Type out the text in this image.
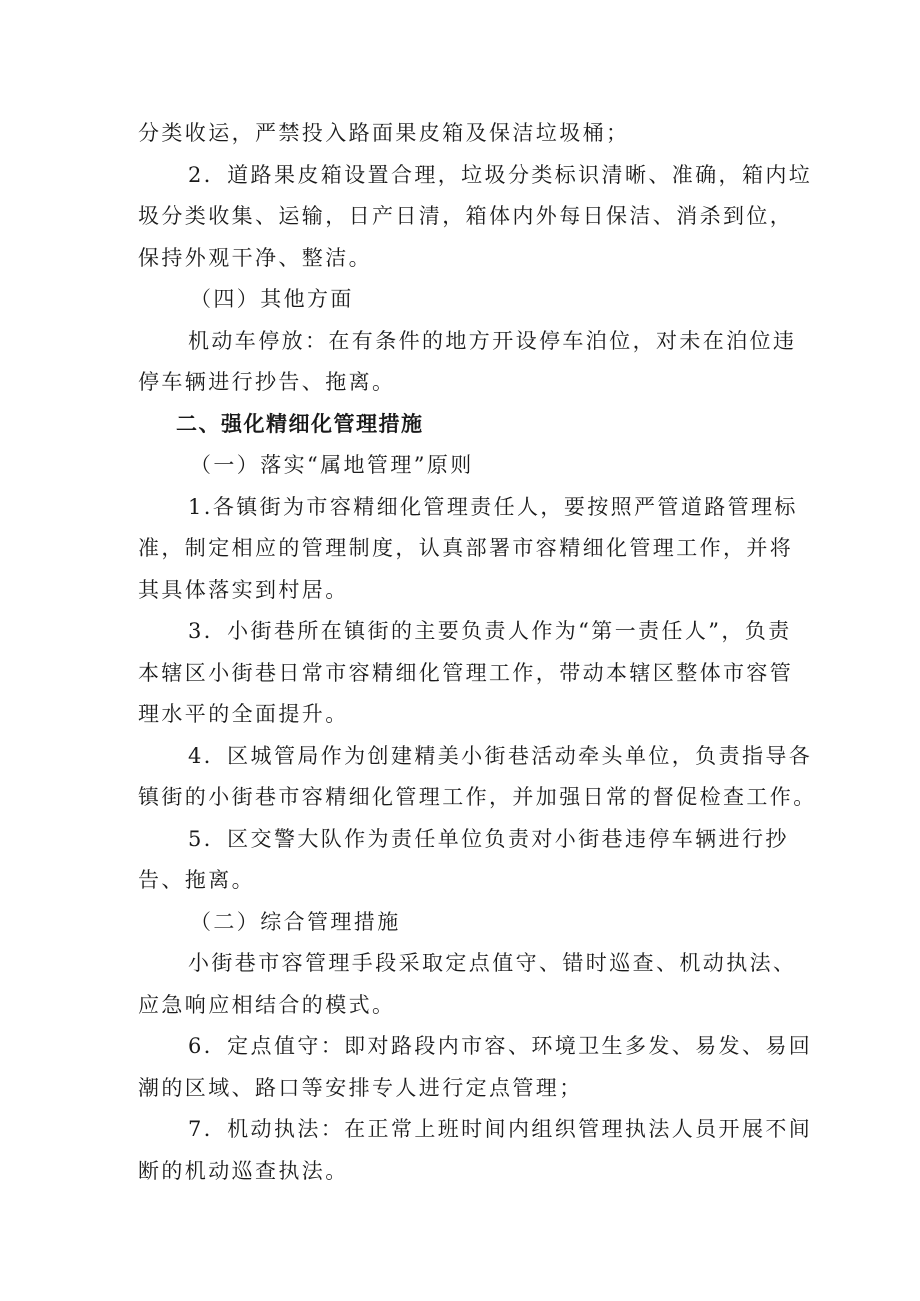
分类收运，严禁投入路面果皮箱及保洁垃圾桶；

2．道路果皮箱设置合理，垃圾分类标识清晰、准确，箱内垃

圾分类收集、运输，日产日清，箱体内外每日保洁、消杀到位，

保持外观干净、整洁。

（四）其他方面

机动车停放：在有条件的地方开设停车泊位，对未在泊位违

停车辆进行抄告、拖离。

二、强化精细化管理措施

（一）落实“属地管理”原则

1.各镇街为市容精细化管理责任人，要按照严管道路管理标

准，制定相应的管理制度，认真部署市容精细化管理工作，并将

其具体落实到村居。

3．小街巷所在镇街的主要负责人作为“第一责任人”，负责

本辖区小街巷日常市容精细化管理工作，带动本辖区整体市容管

理水平的全面提升。

4．区城管局作为创建精美小街巷活动牵头单位，负责指导各

镇街的小街巷市容精细化管理工作，并加强日常的督促检查工作。

5．区交警大队作为责任单位负责对小街巷违停车辆进行抄

告、拖离。

（二）综合管理措施

小街巷市容管理手段采取定点值守、错时巡查、机动执法、

应急响应相结合的模式。

6．定点值守：即对路段内市容、环境卫生多发、易发、易回

潮的区域、路口等安排专人进行定点管理；

7．机动执法：在正常上班时间内组织管理执法人员开展不间

断的机动巡查执法。
